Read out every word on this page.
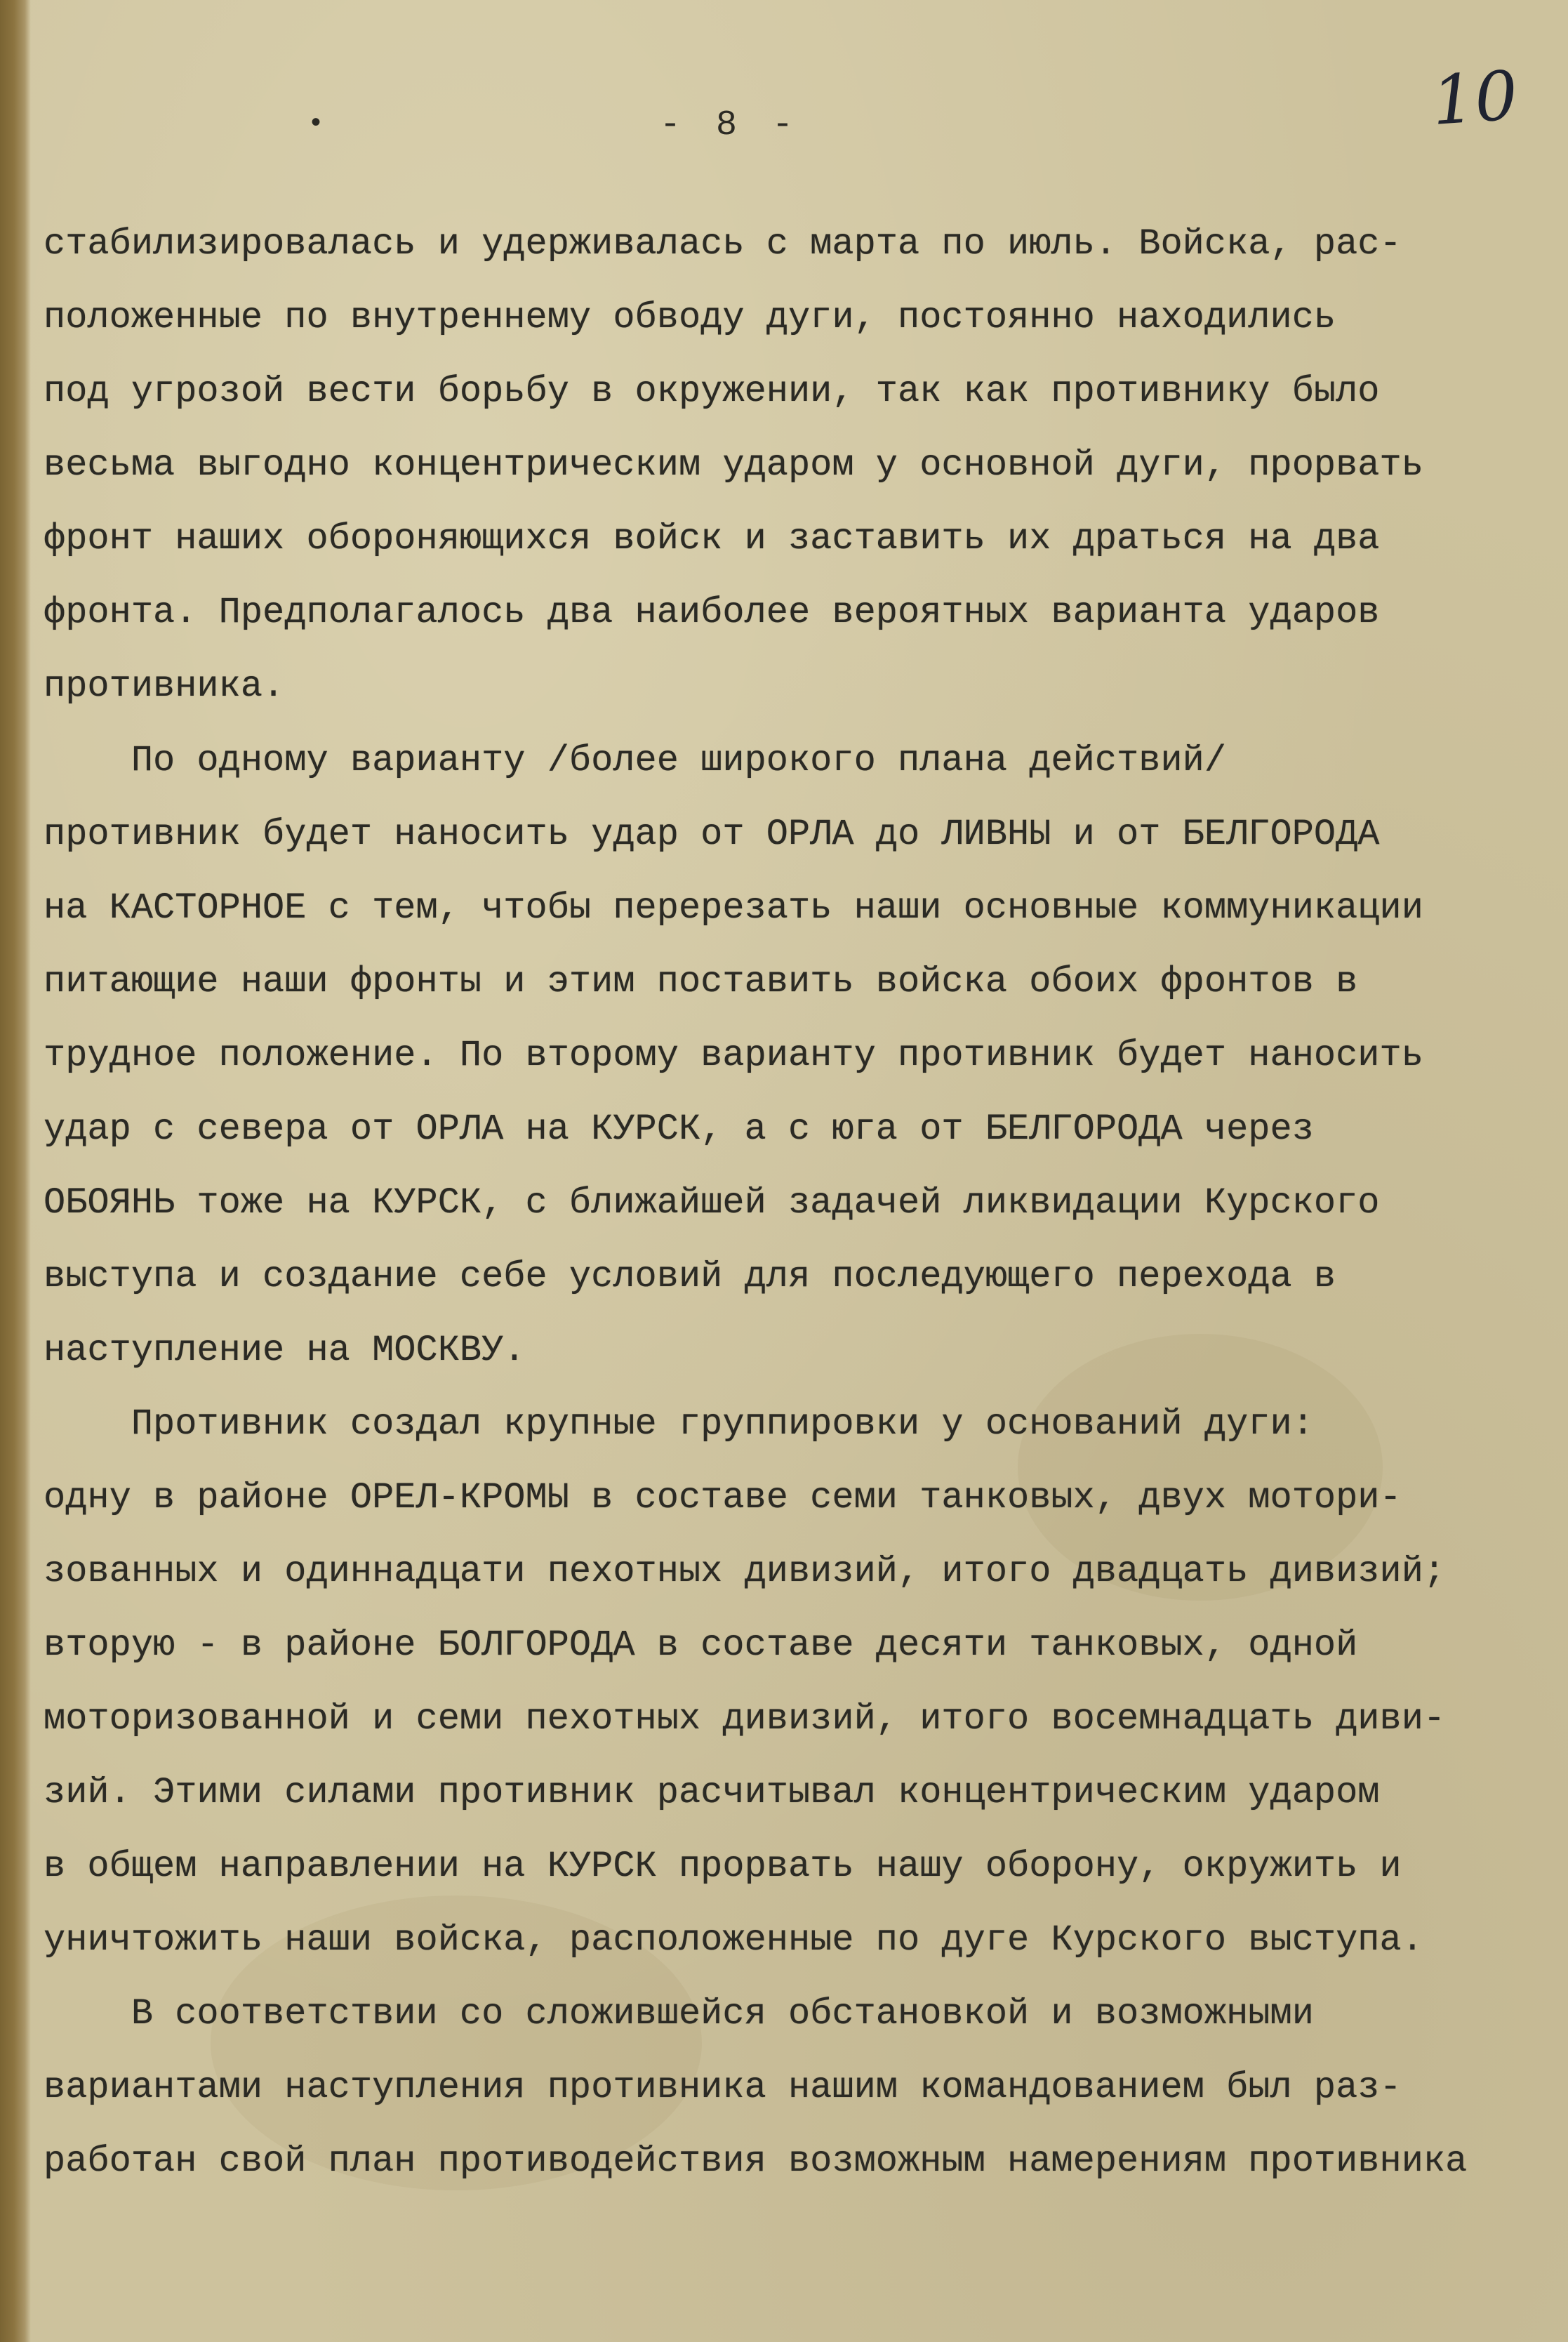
•	- 8 -	10
стабилизировалась и удерживалась с марта по июль. Войска, рас-
положенные по внутреннему обводу дуги, постоянно находились
под угрозой вести борьбу в окружении, так как противнику было
весьма выгодно концентрическим ударом у основной дуги, прорвать
фронт наших обороняющихся войск и заставить их драться на два
фронта. Предполагалось два наиболее вероятных варианта ударов
противника.
По одному варианту /более широкого плана действий/
противник будет наносить удар от ОРЛА до ЛИВНЫ и от БЕЛГОРОДА
на КАСТОРНОЕ с тем, чтобы перерезать наши основные коммуникации
питающие наши фронты и этим поставить войска обоих фронтов в
трудное положение. По второму варианту противник будет наносить
удар с севера от ОРЛА на КУРСК, а с юга от БЕЛГОРОДА через
ОБОЯНЬ тоже на КУРСК, с ближайшей задачей ликвидации Курского
выступа и создание себе условий для последующего перехода в
наступление на МОСКВУ.
Противник создал крупные группировки у оснований дуги:
одну в районе ОРЕЛ-КРОМЫ в составе семи танковых, двух мотори-
зованных и одиннадцати пехотных дивизий, итого двадцать дивизий;
вторую - в районе БОЛГОРОДА в составе десяти танковых, одной
моторизованной и семи пехотных дивизий, итого восемнадцать диви-
зий. Этими силами противник расчитывал концентрическим ударом
в общем направлении на КУРСК прорвать нашу оборону, окружить и
уничтожить наши войска, расположенные по дуге Курского выступа.
В соответствии со сложившейся обстановкой и возможными
вариантами наступления противника нашим командованием был раз-
работан свой план противодействия возможным намерениям противника
